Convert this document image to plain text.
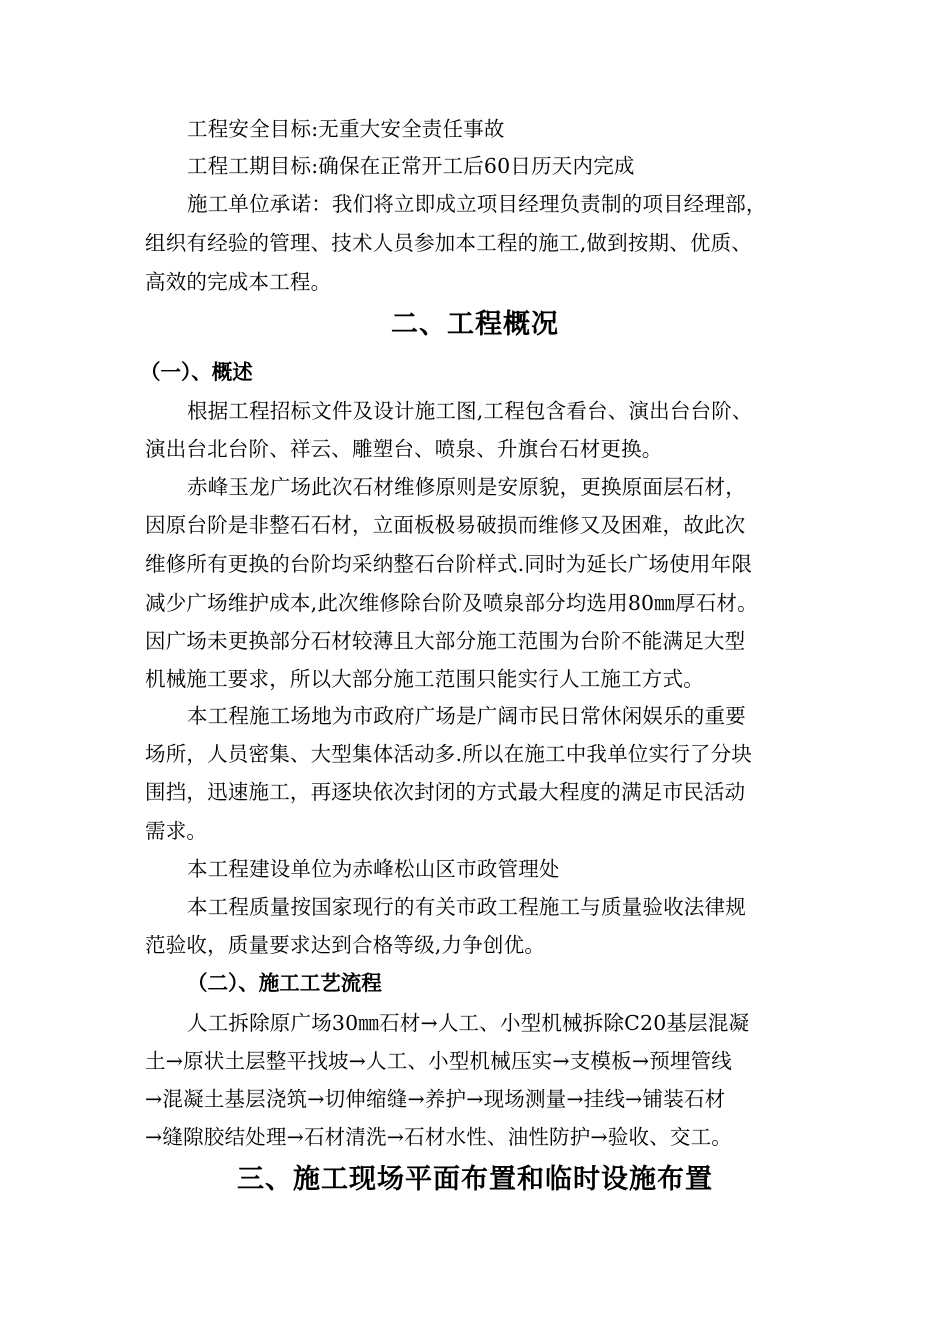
工程安全目标:无重大安全责任事故
工程工期目标:确保在正常开工后60日历天内完成
施工单位承诺：我们将立即成立项目经理负责制的项目经理部，
组织有经验的管理、技术人员参加本工程的施工,做到按期、优质、
高效的完成本工程。
二、工程概况
（一）、概述
根据工程招标文件及设计施工图,工程包含看台、演出台台阶、
演出台北台阶、祥云、雕塑台、喷泉、升旗台石材更换。
赤峰玉龙广场此次石材维修原则是安原貌，更换原面层石材，
因原台阶是非整石石材，立面板极易破损而维修又及困难，故此次
维修所有更换的台阶均采纳整石台阶样式.同时为延长广场使用年限
减少广场维护成本,此次维修除台阶及喷泉部分均选用80㎜厚石材。
因广场未更换部分石材较薄且大部分施工范围为台阶不能满足大型
机械施工要求，所以大部分施工范围只能实行人工施工方式。
本工程施工场地为市政府广场是广阔市民日常休闲娱乐的重要
场所，人员密集、大型集体活动多.所以在施工中我单位实行了分块
围挡，迅速施工，再逐块依次封闭的方式最大程度的满足市民活动
需求。
本工程建设单位为赤峰松山区市政管理处
本工程质量按国家现行的有关市政工程施工与质量验收法律规
范验收，质量要求达到合格等级,力争创优。
（二）、施工工艺流程
人工拆除原广场30㎜石材→人工、小型机械拆除C20基层混凝
土→原状土层整平找坡→人工、小型机械压实→支模板→预埋管线
→混凝土基层浇筑→切伸缩缝→养护→现场测量→挂线→铺装石材
→缝隙胶结处理→石材清洗→石材水性、油性防护→验收、交工。
三、施工现场平面布置和临时设施布置
